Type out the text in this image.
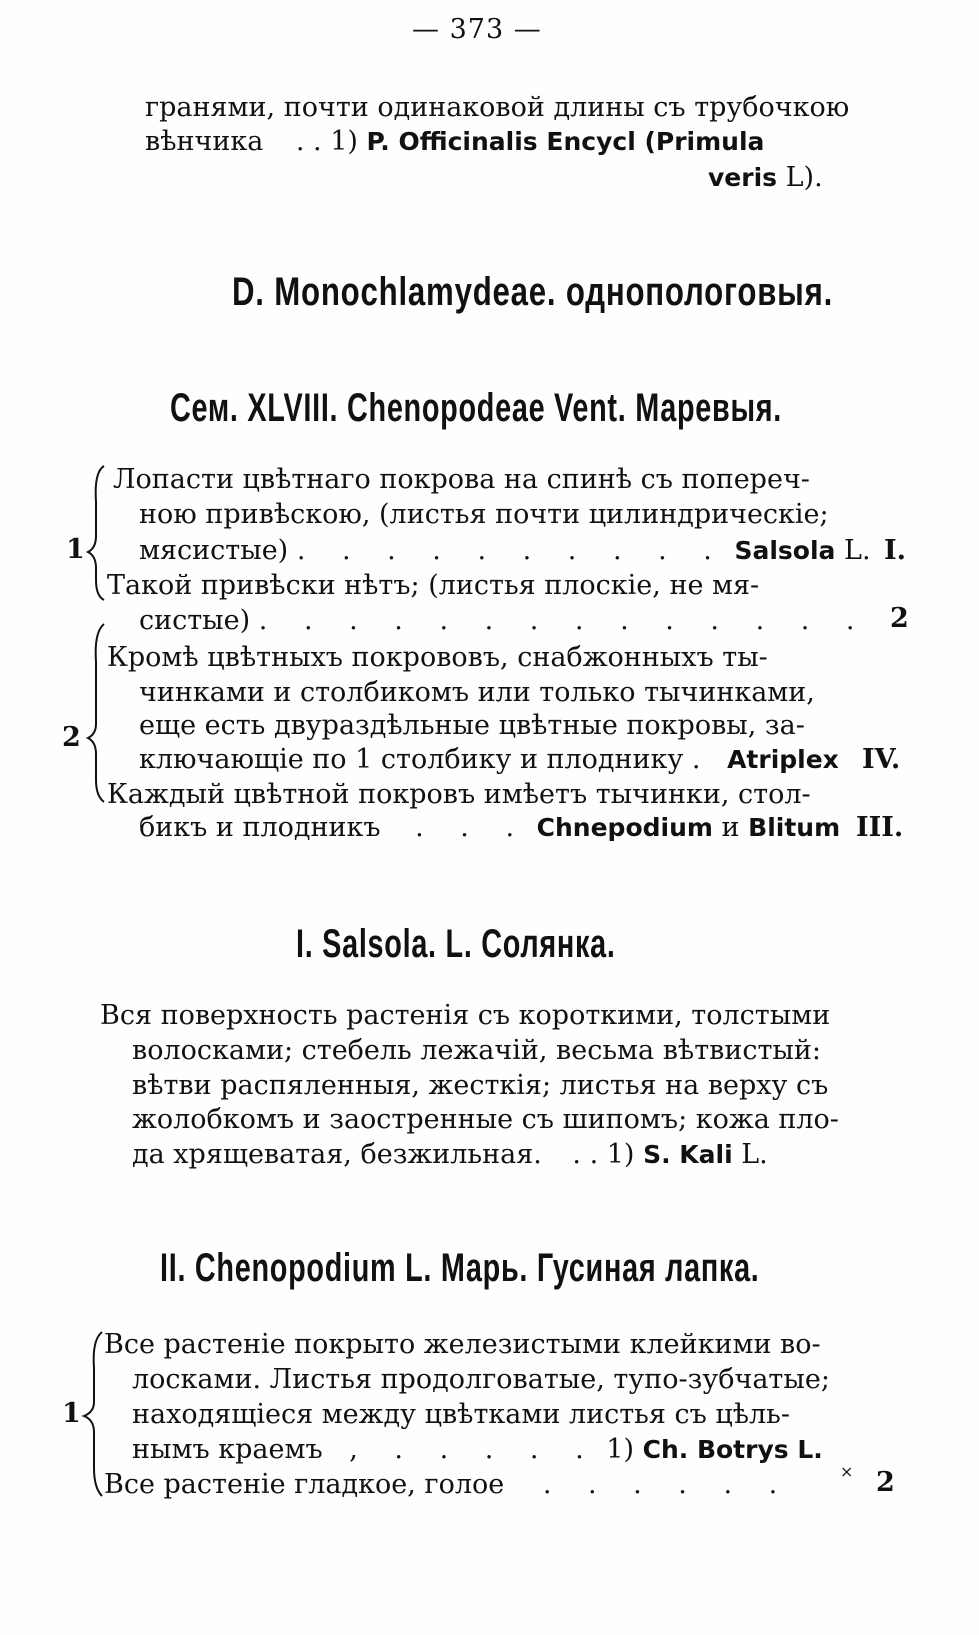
— 373 —
гранями, почти одинаковой длины съ трубочкою
вѣнчика . . 1) P. Officinalis Encycl (Primula
veris L).
D. Monochlamydeae. однопологовыя.
Сем. XLVIII. Chenopodeae Vent. Маревыя.
1
Лопасти цвѣтнаго покрова на спинѣ съ попереч-
ною привѣскою, (листья почти цилиндрическіе;
мясистые) . . . . . . . . . . Salsola L. I.
Такой привѣски нѣтъ; (листья плоскіе, не мя-
систые) . . . . . . . . . . . . . . 2
2
Кромѣ цвѣтныхъ покрововъ, снабжонныхъ ты-
чинками и столбикомъ или только тычинками,
еще есть двураздѣльные цвѣтные покровы, за-
ключающіе по 1 столбику и плоднику . Atriplex IV.
Каждый цвѣтной покровъ имѣетъ тычинки, стол-
бикъ и плодникъ . . . Chnepodium и Blitum III.
I. Salsola. L. Солянка.
Вся поверхность растенія съ короткими, толстыми
волосками; стебель лежачій, весьма вѣтвистый:
вѣтви распяленныя, жесткія; листья на верху съ
жолобкомъ и заостренные съ шипомъ; кожа пло-
да хрящеватая, безжильная. . . 1) S. Kali L.
II. Chenopodium L. Марь. Гусиная лапка.
1
Все растеніе покрыто железистыми клейкими во-
лосками. Листья продолговатые, тупо-зубчатые;
находящіеся между цвѣтками листья съ цѣль-
нымъ краемъ , . . . . . 1) Ch. Botrys L.
Все растеніе гладкое, голое . . . . . .	× 2
